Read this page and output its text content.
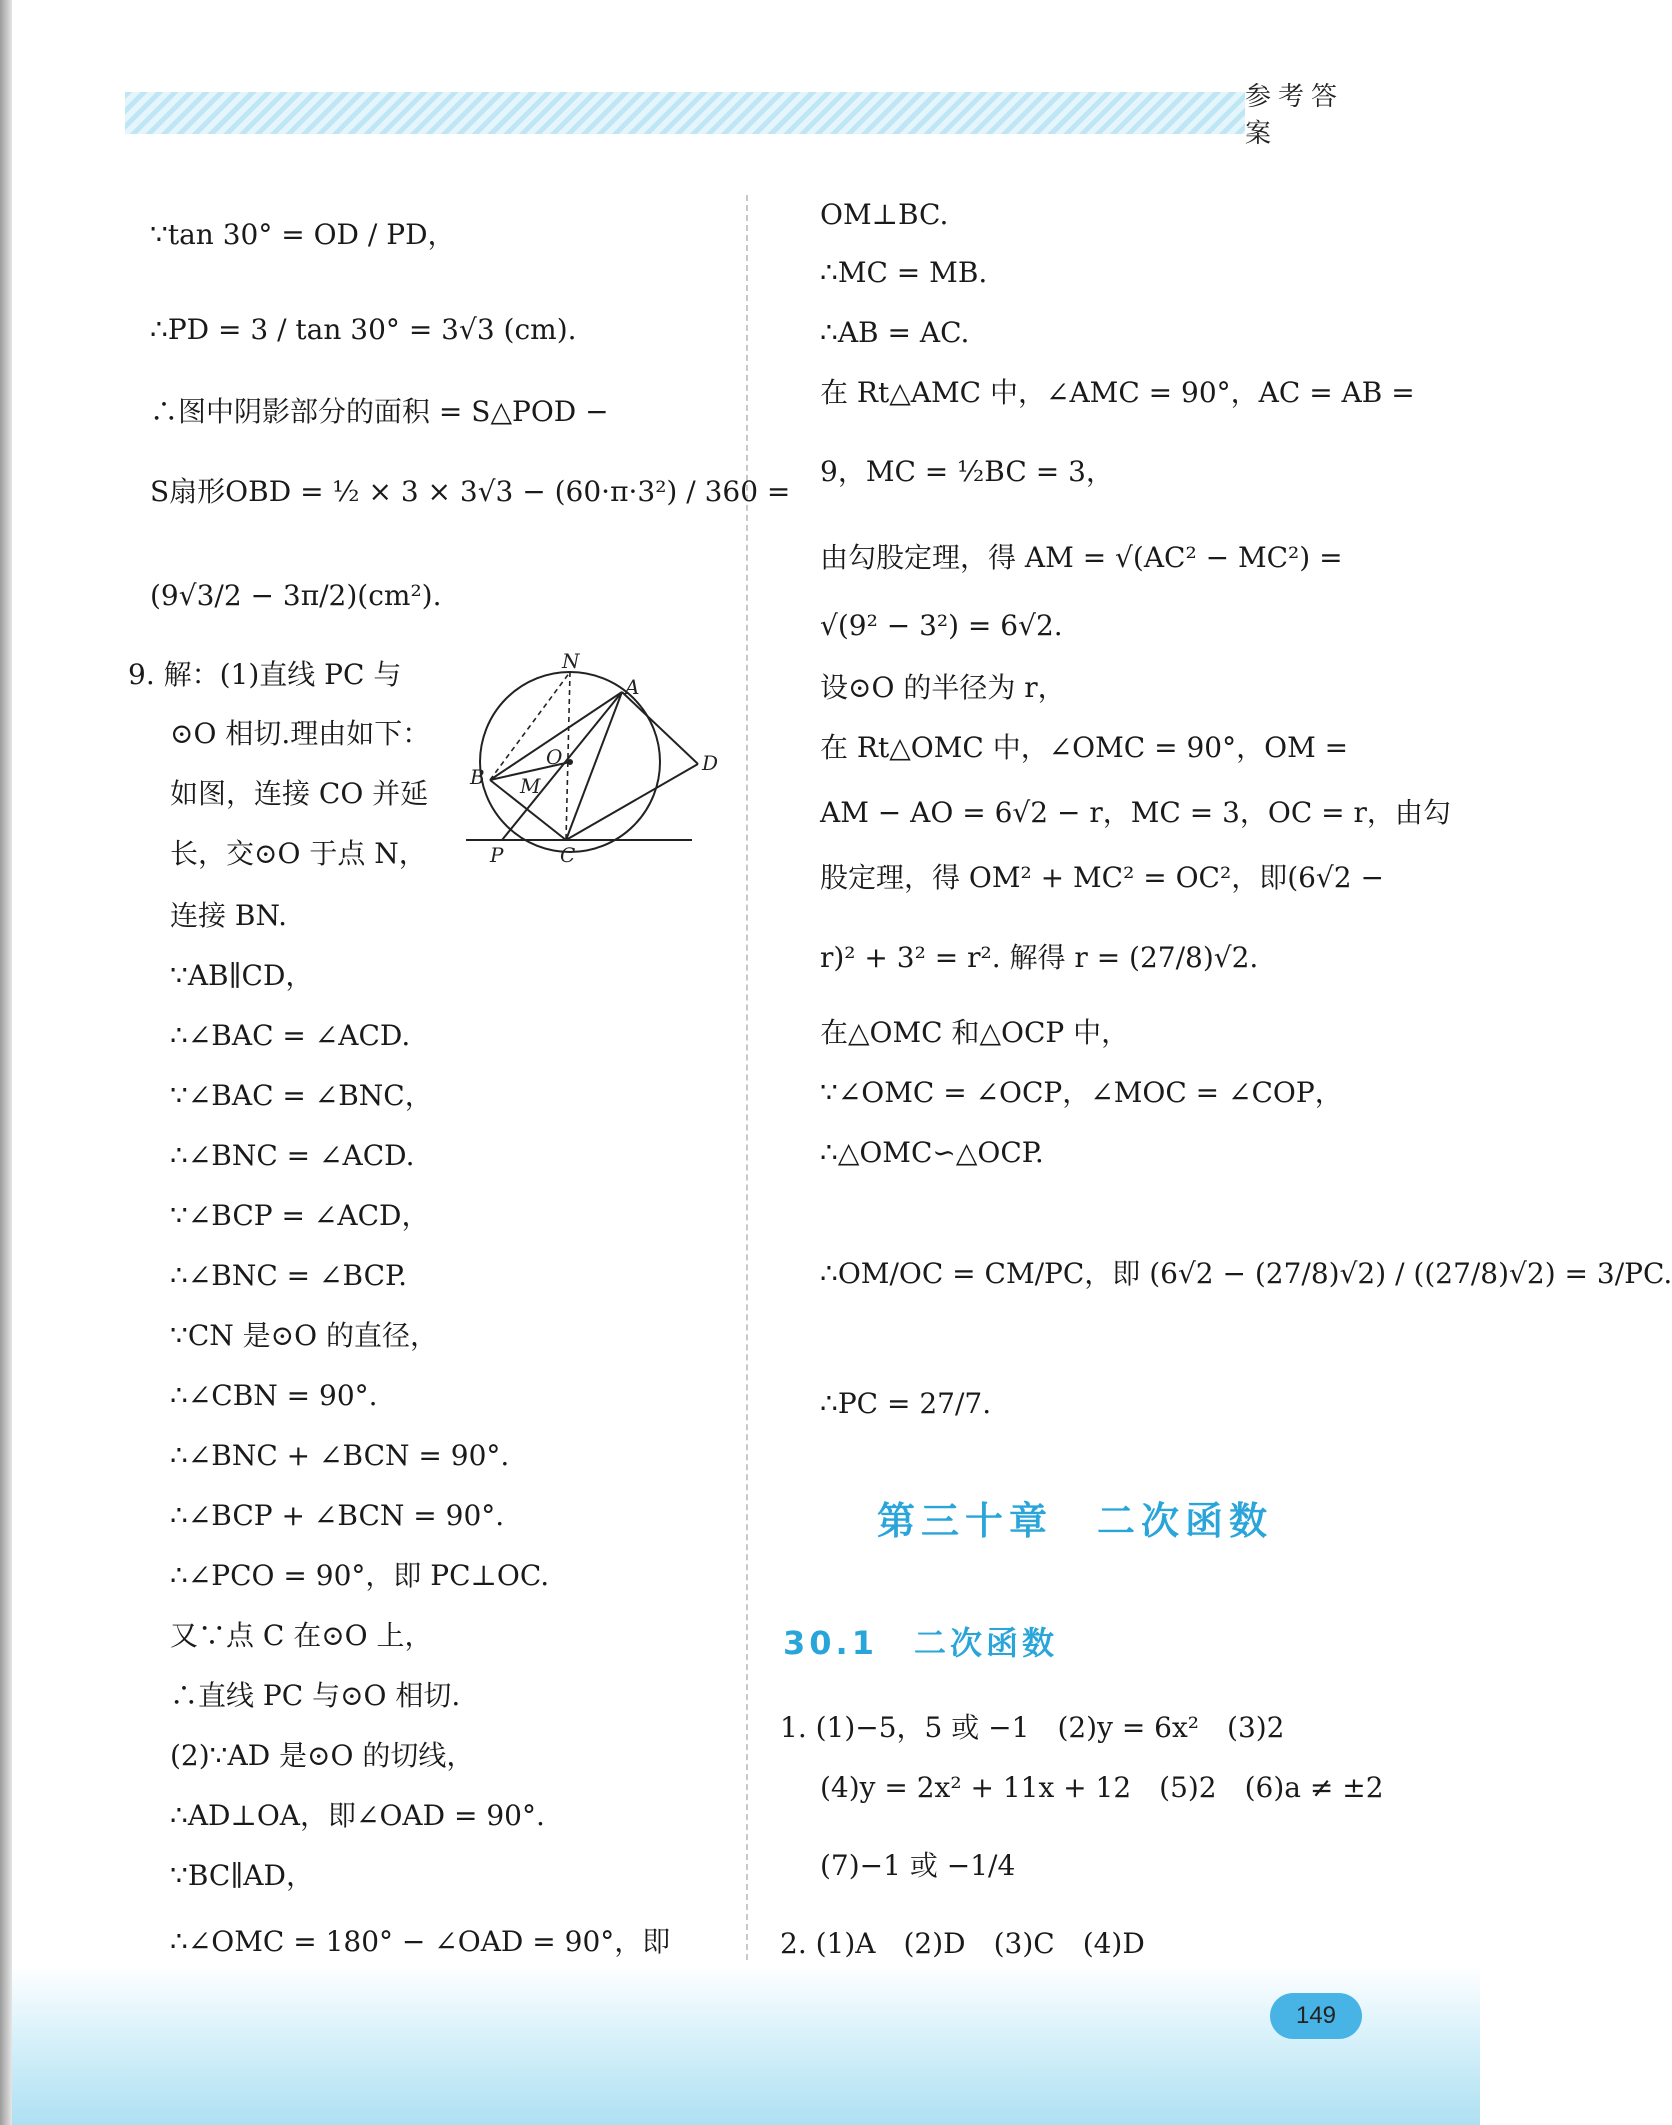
参考答案
∵tan 30° = OD / PD，
∴PD = 3 / tan 30° = 3√3 (cm).
∴图中阴影部分的面积 = S△POD −
S扇形OBD = ½ × 3 × 3√3 − (60·π·3²) / 360 =
(9√3/2 − 3π/2)(cm²).
9. 解：(1)直线 PC 与
⊙O 相切.理由如下：
如图，连接 CO 并延
长，交⊙O 于点 N，
连接 BN.
∵AB∥CD，
∴∠BAC = ∠ACD.
∵∠BAC = ∠BNC，
∴∠BNC = ∠ACD.
∵∠BCP = ∠ACD，
∴∠BNC = ∠BCP.
∵CN 是⊙O 的直径，
∴∠CBN = 90°.
∴∠BNC + ∠BCN = 90°.
∴∠BCP + ∠BCN = 90°.
∴∠PCO = 90°，即 PC⊥OC.
又∵点 C 在⊙O 上，
∴直线 PC 与⊙O 相切.
(2)∵AD 是⊙O 的切线，
∴AD⊥OA，即∠OAD = 90°.
∵BC∥AD，
∴∠OMC = 180° − ∠OAD = 90°，即
N
A
O
B M
D
P	C
OM⊥BC.
∴MC = MB.
∴AB = AC.
在 Rt△AMC 中，∠AMC = 90°，AC = AB =
9，MC = ½BC = 3，
由勾股定理，得 AM = √(AC² − MC²) =
√(9² − 3²) = 6√2.
设⊙O 的半径为 r，
在 Rt△OMC 中，∠OMC = 90°，OM =
AM − AO = 6√2 − r，MC = 3，OC = r，由勾
股定理，得 OM² + MC² = OC²，即(6√2 −
r)² + 3² = r². 解得 r = (27/8)√2.
在△OMC 和△OCP 中，
∵∠OMC = ∠OCP，∠MOC = ∠COP，
∴△OMC∽△OCP.
∴OM/OC = CM/PC，即 (6√2 − (27/8)√2) / ((27/8)√2) = 3/PC.
∴PC = 27/7.
1. (1)−5，5 或 −1　(2)y = 6x²　(3)2
(4)y = 2x² + 11x + 12　(5)2　(6)a ≠ ±2
(7)−1 或 −1/4
2. (1)A　(2)D　(3)C　(4)D
第三十章　二次函数
30.1　二次函数
149
